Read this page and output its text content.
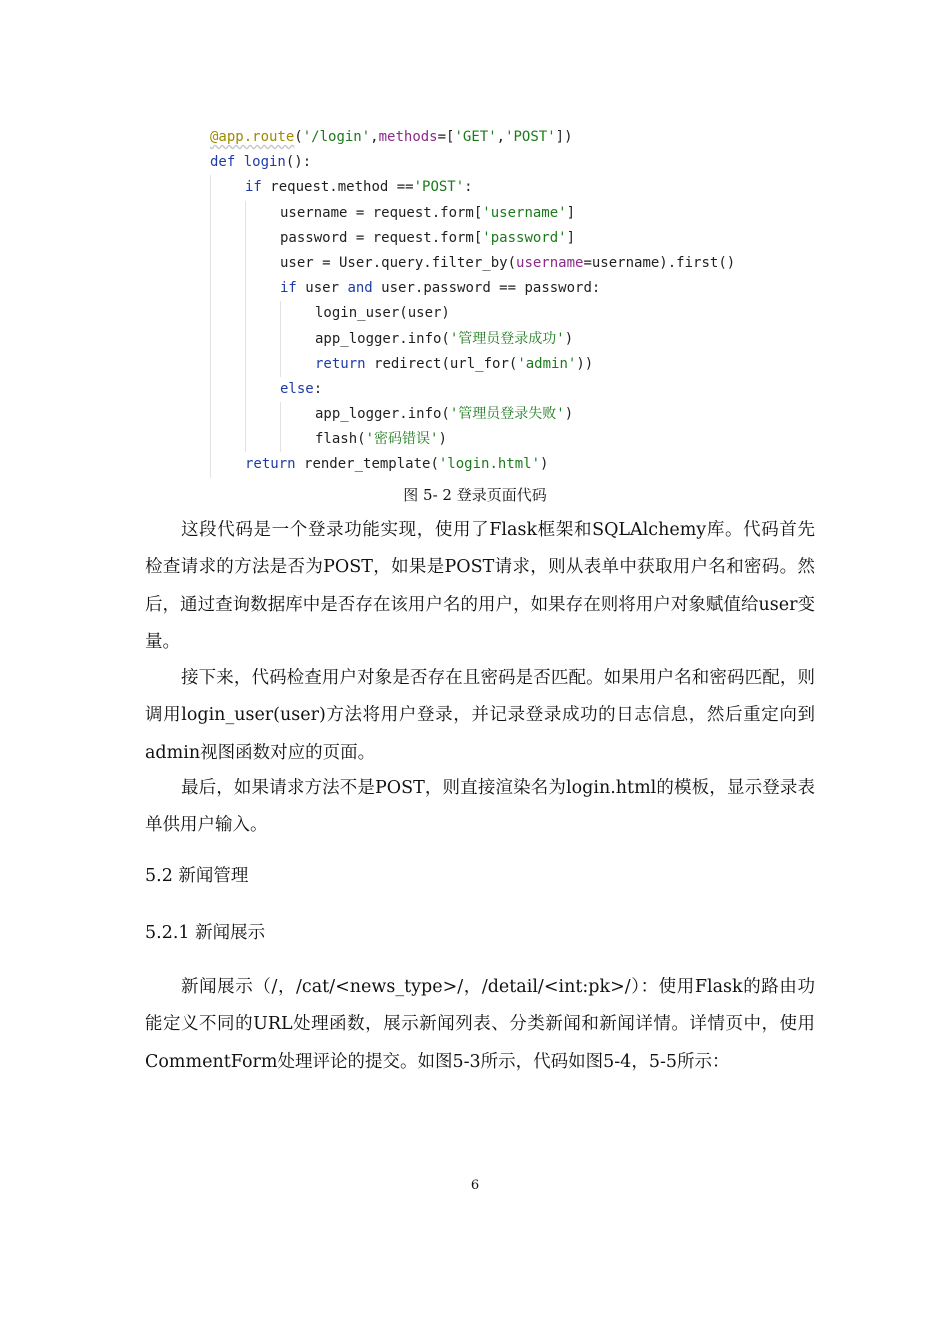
@app.route('/login',methods=['GET','POST'])
def login():
if request.method =='POST':
username = request.form['username']
password = request.form['password']
user = User.query.filter_by(username=username).first()
if user and user.password == password:
login_user(user)
app_logger.info('管理员登录成功')
return redirect(url_for('admin'))
else:
app_logger.info('管理员登录失败')
flash('密码错误')
return render_template('login.html')
图 5- 2 登录页面代码

这段代码是一个登录功能实现，使用了Flask框架和SQLAlchemy库。代码首先检查请求的方法是否为POST，如果是POST请求，则从表单中获取用户名和密码。然后，通过查询数据库中是否存在该用户名的用户，如果存在则将用户对象赋值给user变量。

接下来，代码检查用户对象是否存在且密码是否匹配。如果用户名和密码匹配，则调用login_user(user)方法将用户登录，并记录登录成功的日志信息，然后重定向到admin视图函数对应的页面。

最后，如果请求方法不是POST，则直接渲染名为login.html的模板，显示登录表单供用户输入。

5.2 新闻管理
5.2.1 新闻展示

新闻展示（/，/cat/<news_type>/，/detail/<int:pk>/）：使用Flask的路由功能定义不同的URL处理函数，展示新闻列表、分类新闻和新闻详情。详情页中，使用CommentForm处理评论的提交。如图5-3所示，代码如图5-4，5-5所示：

6
